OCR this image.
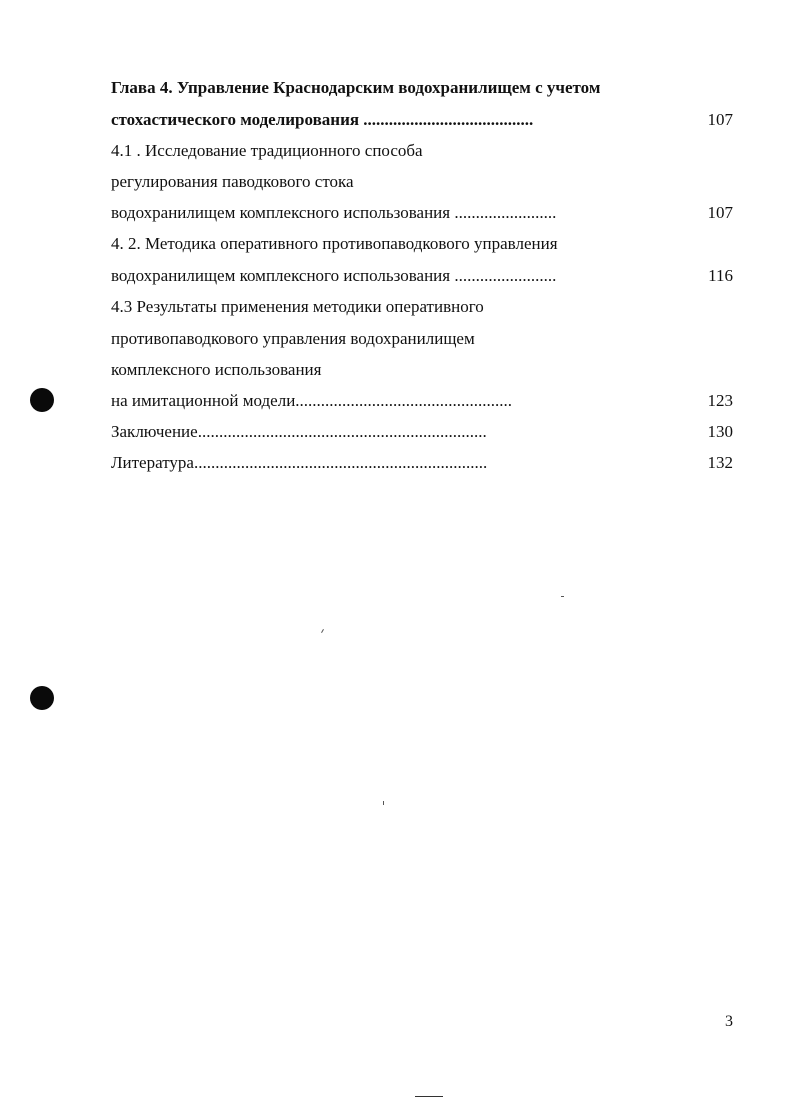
Глава 4. Управление Краснодарским водохранилищем с учетом
стохастического моделирования ........................................	107
4.1 . Исследование традиционного способа
регулирования паводкового стока
водохранилищем комплексного использования ........................	107
4. 2. Методика оперативного противопаводкового управления
водохранилищем комплексного использования ........................	116
4.3 Результаты применения методики оперативного
противопаводкового управления водохранилищем
комплексного использования
на имитационной модели...................................................	123
Заключение....................................................................	130
Литература.....................................................................	132
3
